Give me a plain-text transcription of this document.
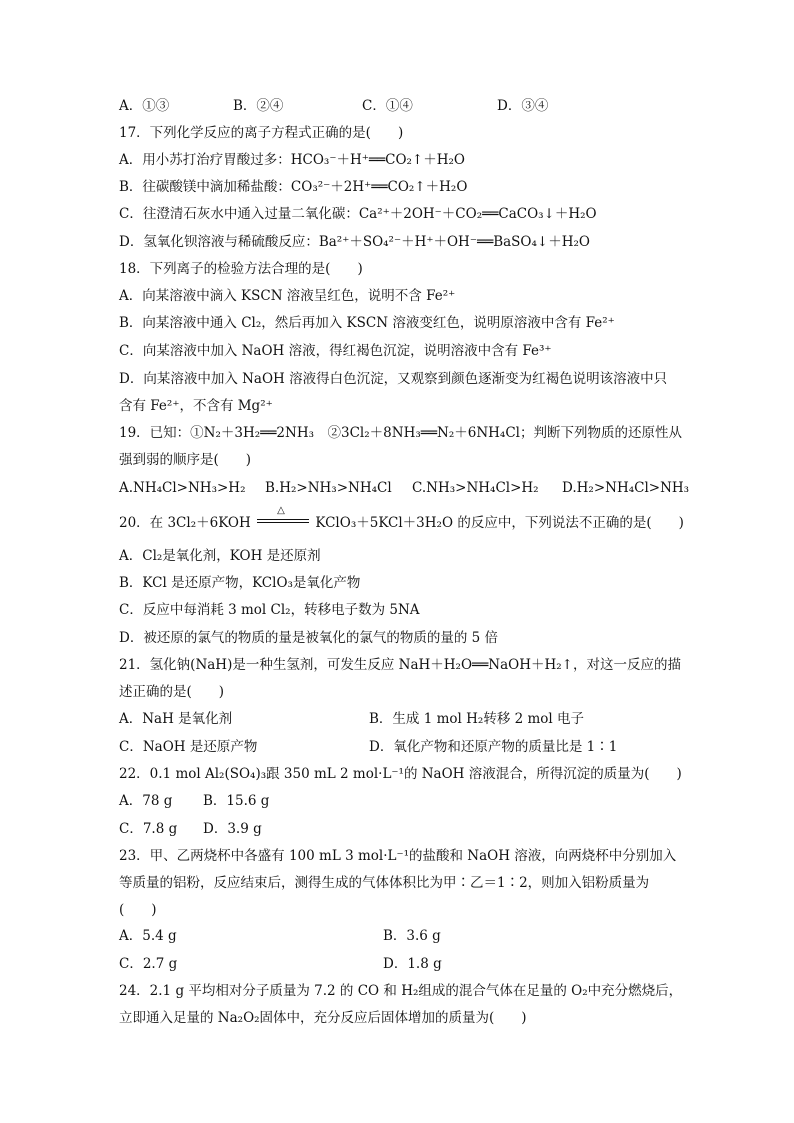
A．①③	B．②④	C．①④	D．③④
17．下列化学反应的离子方程式正确的是(　　)
A．用小苏打治疗胃酸过多：HCO₃⁻＋H⁺══CO₂↑＋H₂O
B．往碳酸镁中滴加稀盐酸：CO₃²⁻＋2H⁺══CO₂↑＋H₂O
C．往澄清石灰水中通入过量二氧化碳：Ca²⁺＋2OH⁻＋CO₂══CaCO₃↓＋H₂O
D．氢氧化钡溶液与稀硫酸反应：Ba²⁺＋SO₄²⁻＋H⁺＋OH⁻══BaSO₄↓＋H₂O
18．下列离子的检验方法合理的是(　　)
A．向某溶液中滴入 KSCN 溶液呈红色，说明不含 Fe²⁺
B．向某溶液中通入 Cl₂，然后再加入 KSCN 溶液变红色，说明原溶液中含有 Fe²⁺
C．向某溶液中加入 NaOH 溶液，得红褐色沉淀，说明溶液中含有 Fe³⁺
D．向某溶液中加入 NaOH 溶液得白色沉淀，又观察到颜色逐渐变为红褐色说明该溶液中只
含有 Fe²⁺，不含有 Mg²⁺
19．已知：①N₂＋3H₂══2NH₃　②3Cl₂＋8NH₃══N₂＋6NH₄Cl；判断下列物质的还原性从
强到弱的顺序是(　　)
A.NH₄Cl>NH₃>H₂ B.H₂>NH₃>NH₄Cl C.NH₃>NH₄Cl>H₂ D.H₂>NH₄Cl>NH₃
20．在 3Cl₂＋6KOH
△
KClO₃＋5KCl＋3H₂O 的反应中，下列说法不正确的是(　　)
A．Cl₂是氧化剂，KOH 是还原剂
B．KCl 是还原产物，KClO₃是氧化产物
C．反应中每消耗 3 mol Cl₂，转移电子数为 5NA
D．被还原的氯气的物质的量是被氧化的氯气的物质的量的 5 倍
21．氢化钠(NaH)是一种生氢剂，可发生反应 NaH＋H₂O══NaOH＋H₂↑，对这一反应的描
述正确的是(　　)
A．NaH 是氧化剂	B．生成 1 mol H₂转移 2 mol 电子
C．NaOH 是还原产物	D．氧化产物和还原产物的质量比是 1∶1
22．0.1 mol Al₂(SO₄)₃跟 350 mL 2 mol·L⁻¹的 NaOH 溶液混合，所得沉淀的质量为(　　)
A．78 g B．15.6 g
C．7.8 g D．3.9 g
23．甲、乙两烧杯中各盛有 100 mL 3 mol·L⁻¹的盐酸和 NaOH 溶液，向两烧杯中分别加入
等质量的铝粉，反应结束后，测得生成的气体体积比为甲∶乙＝1∶2，则加入铝粉质量为
(　　)
A．5.4 g	B．3.6 g
C．2.7 g	D．1.8 g
24．2.1 g 平均相对分子质量为 7.2 的 CO 和 H₂组成的混合气体在足量的 O₂中充分燃烧后，
立即通入足量的 Na₂O₂固体中，充分反应后固体增加的质量为(　　)
